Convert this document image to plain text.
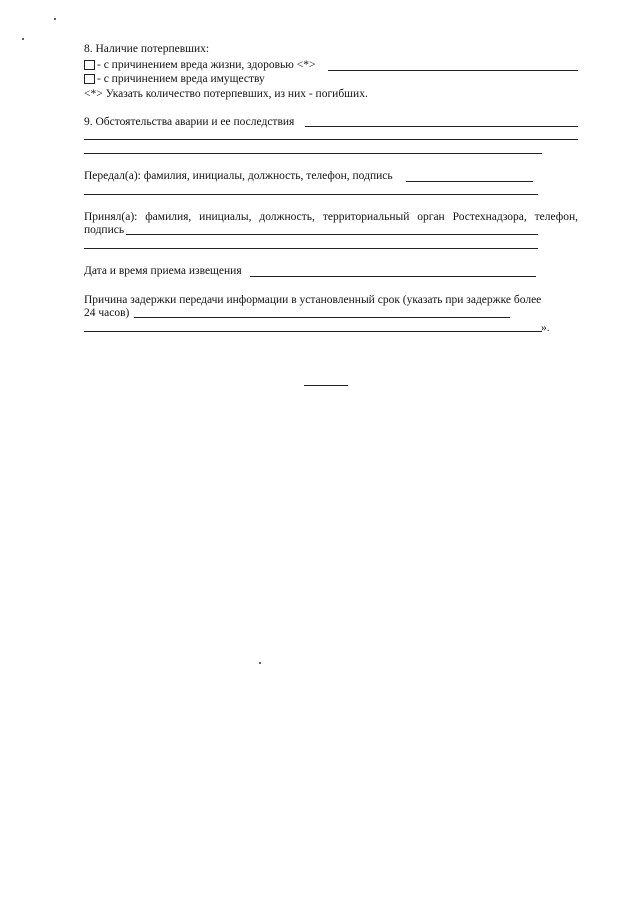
8. Наличие потерпевших:
- с причинением вреда жизни, здоровью <*>
- с причинением вреда имуществу
<*> Указать количество потерпевших, из них - погибших.
9. Обстоятельства аварии и ее последствия
Передал(а): фамилия, инициалы, должность, телефон, подпись
Принял(а): фамилия, инициалы, должность, территориальный орган Ростехнадзора, телефон,
подпись
Дата и время приема извещения
Причина задержки передачи информации в установленный срок (указать при задержке более
24 часов)
».
